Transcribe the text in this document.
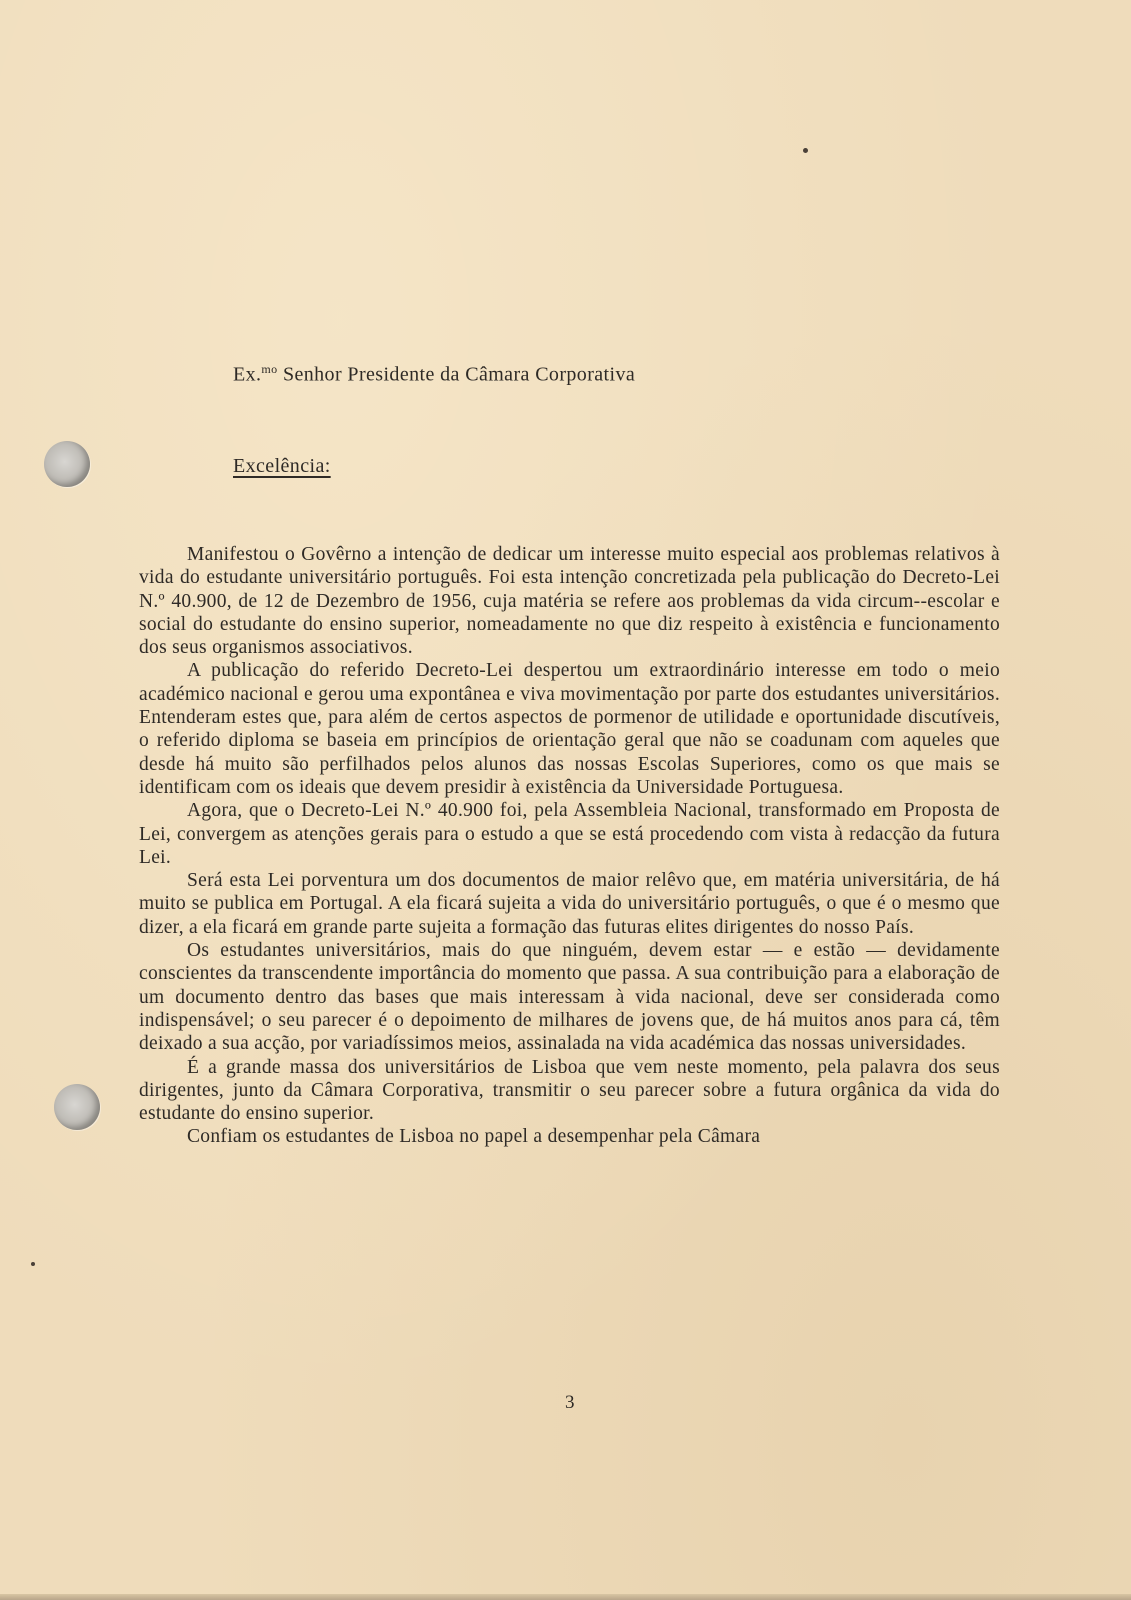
Ex.$^{mo}$ Senhor Presidente da Câmara Corporativa
Excelência:

Manifestou o Govêrno a intenção de dedicar um interesse muito especial aos problemas relativos à vida do estudante universitário português. Foi esta intenção concretizada pela publicação do Decreto-Lei N.º 40.900, de 12 de Dezembro de 1956, cuja matéria se refere aos problemas da vida circum--escolar e social do estudante do ensino superior, nomeadamente no que diz respeito à existência e funcionamento dos seus organismos associativos.

A publicação do referido Decreto-Lei despertou um extraordinário interesse em todo o meio académico nacional e gerou uma expontânea e viva movimentação por parte dos estudantes universitários. Entenderam estes que, para além de certos aspectos de pormenor de utilidade e oportunidade discutíveis, o referido diploma se baseia em princípios de orientação geral que não se coadunam com aqueles que desde há muito são perfilhados pelos alunos das nossas Escolas Superiores, como os que mais se identificam com os ideais que devem presidir à existência da Universidade Portuguesa.

Agora, que o Decreto-Lei N.º 40.900 foi, pela Assembleia Nacional, transformado em Proposta de Lei, convergem as atenções gerais para o estudo a que se está procedendo com vista à redacção da futura Lei.

Será esta Lei porventura um dos documentos de maior relêvo que, em matéria universitária, de há muito se publica em Portugal. A ela ficará sujeita a vida do universitário português, o que é o mesmo que dizer, a ela ficará em grande parte sujeita a formação das futuras elites dirigentes do nosso País.

Os estudantes universitários, mais do que ninguém, devem estar — e estão — devidamente conscientes da transcendente importância do momento que passa. A sua contribuição para a elaboração de um documento dentro das bases que mais interessam à vida nacional, deve ser considerada como indispensável; o seu parecer é o depoimento de milhares de jovens que, de há muitos anos para cá, têm deixado a sua acção, por variadíssimos meios, assinalada na vida académica das nossas universidades.

É a grande massa dos universitários de Lisboa que vem neste momento, pela palavra dos seus dirigentes, junto da Câmara Corporativa, transmitir o seu parecer sobre a futura orgânica da vida do estudante do ensino superior.

Confiam os estudantes de Lisboa no papel a desempenhar pela Câmara

3
